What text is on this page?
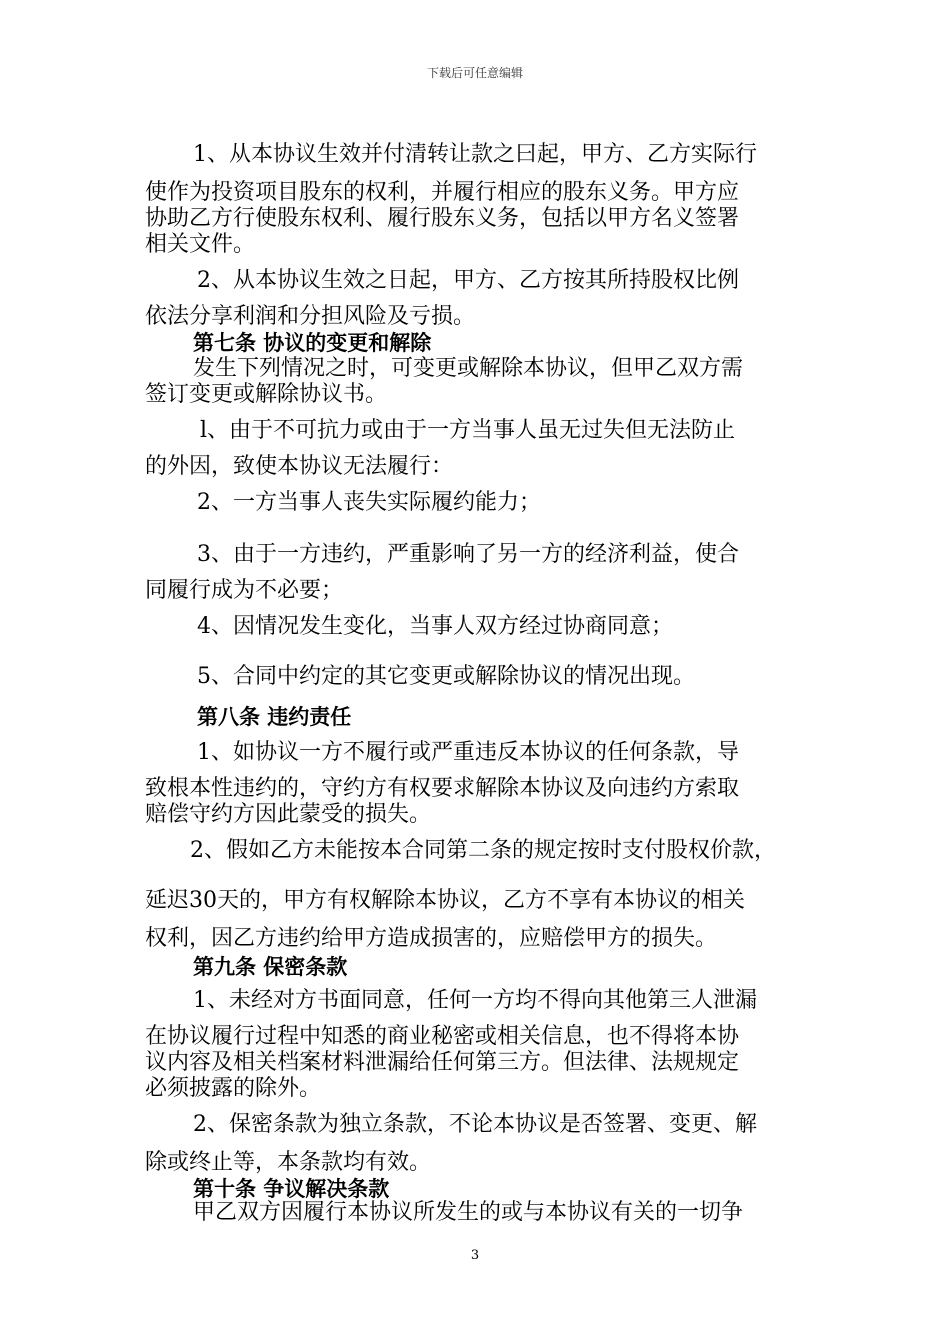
下载后可任意编辑
1、从本协议生效并付清转让款之曰起，甲方、乙方实际行
使作为投资项目股东的权利，并履行相应的股东义务。甲方应
协助乙方行使股东权利、履行股东义务，包括以甲方名义签署
相关文件。
2、从本协议生效之日起，甲方、乙方按其所持股权比例
依法分享利润和分担风险及亏损。
第七条 协议的变更和解除
发生下列情况之时，可变更或解除本协议，但甲乙双方需
签订变更或解除协议书。
l、由于不可抗力或由于一方当事人虽无过失但无法防止
的外因，致使本协议无法履行：
2、一方当事人丧失实际履约能力；
3、由于一方违约，严重影响了另一方的经济利益，使合
同履行成为不必要；
4、因情况发生变化，当事人双方经过协商同意；
5、合同中约定的其它变更或解除协议的情况出现。
第八条 违约责任
1、如协议一方不履行或严重违反本协议的任何条款，导
致根本性违约的，守约方有权要求解除本协议及向违约方索取
赔偿守约方因此蒙受的损失。
2、假如乙方未能按本合同第二条的规定按时支付股权价款，
延迟30天的，甲方有权解除本协议，乙方不享有本协议的相关
权利，因乙方违约给甲方造成损害的，应赔偿甲方的损失。
第九条 保密条款
1、未经对方书面同意，任何一方均不得向其他第三人泄漏
在协议履行过程中知悉的商业秘密或相关信息，也不得将本协
议内容及相关档案材料泄漏给任何第三方。但法律、法规规定
必须披露的除外。
2、保密条款为独立条款，不论本协议是否签署、变更、解
除或终止等，本条款均有效。
第十条 争议解决条款
甲乙双方因履行本协议所发生的或与本协议有关的一切争
3
